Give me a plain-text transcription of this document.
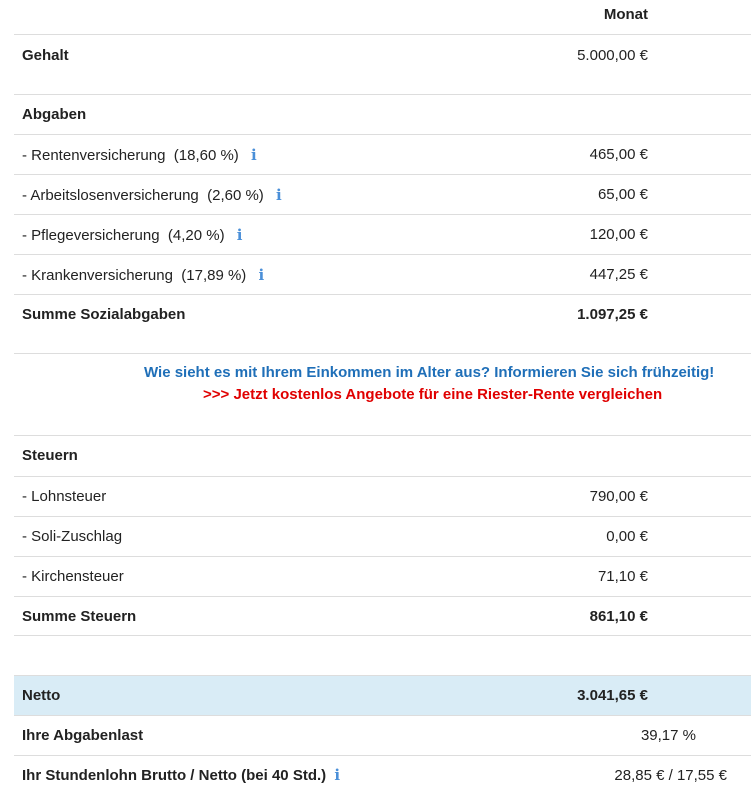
Monat
Gehalt	5.000,00 €
Abgaben
- Rentenversicherung (18,60 %) i	465,00 €
- Arbeitslosenversicherung (2,60 %) i	65,00 €
- Pflegeversicherung (4,20 %) i	120,00 €
- Krankenversicherung (17,89 %) i	447,25 €
Summe Sozialabgaben	1.097,25 €
Wie sieht es mit Ihrem Einkommen im Alter aus? Informieren Sie sich frühzeitig!
>>> Jetzt kostenlos Angebote für eine Riester-Rente vergleichen
Steuern
- Lohnsteuer	790,00 €
- Soli-Zuschlag	0,00 €
- Kirchensteuer	71,10 €
Summe Steuern	861,10 €
Netto	3.041,65 €
Ihre Abgabenlast	39,17 %
Ihr Stundenlohn Brutto / Netto (bei 40 Std.) i	28,85 € / 17,55 €
